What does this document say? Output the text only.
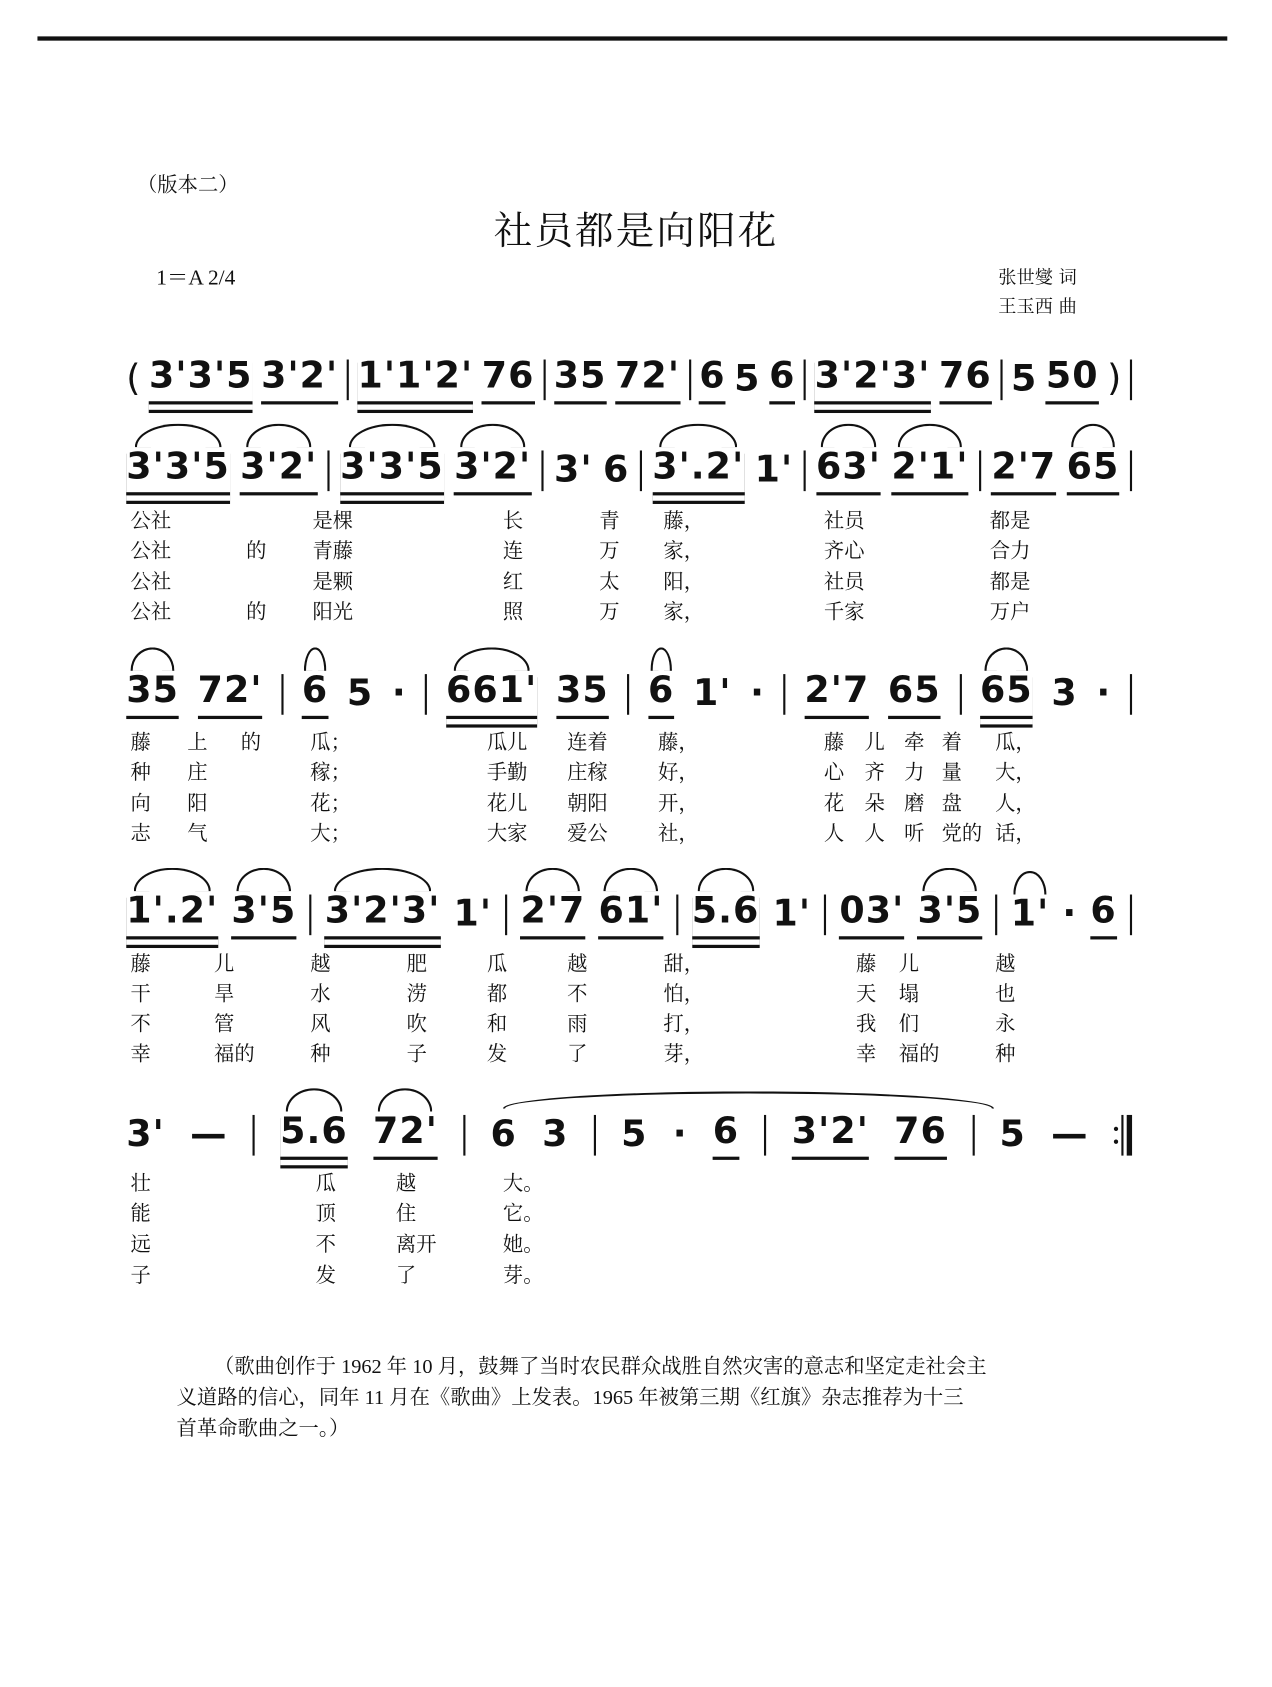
（版本二）
社员都是向阳花
1＝A 2/4	张世燮 词
王玉西 曲
( 3'3'5 3'2' 1'1'2' 76 35 72' 6 5 6 3'2'3' 76 5 50 )
3'3'5 3'2' 3'3'5 3'2' 3' 6 3'.2' 1' 63' 2'1' 2'7 65
35 72' 6 5 · 661' 35 6 1' · 2'7 65 65 3 ·
1'.2' 3'5 3'2'3' 1' 2'7 61' 5.6 1' 03' 3'5 1' · 6
3' — 5.6 72' 6 3 5 · 6 3'2' 76 5 —
公社	是棵	长	青 藤，	社员	都是
公社	的 青藤	连	万 家，	齐心	合力
公社	是颗	红	太 阳，	社员	都是
公社	的 阳光	照	万 家，	千家	万户
藤 上 的	瓜；	瓜儿 连着	藤，	藤 儿 牵 着 瓜，
种 庄	稼；	手勤 庄稼	好，	心 齐 力 量 大，
向 阳	花；	花儿 朝阳	开，	花 朵 磨 盘 人，
志 气	大；	大家 爱公	社，	人 人 听 党的 话，
藤	儿	越	肥	瓜	越	甜，	藤 儿	越
干	旱	水	涝	都	不	怕，	天 塌	也
不	管	风	吹	和	雨	打，	我 们	永
幸	福的	种	子	发	了	芽，	幸 福的	种
壮	瓜	越	大。
能	顶	住	它。
远	不	离开	她。
子	发	了	芽。
（歌曲创作于 1962 年 10 月，鼓舞了当时农民群众战胜自然灾害的意志和坚定走社会主
义道路的信心，同年 11 月在《歌曲》上发表。1965 年被第三期《红旗》杂志推荐为十三
首革命歌曲之一。）
